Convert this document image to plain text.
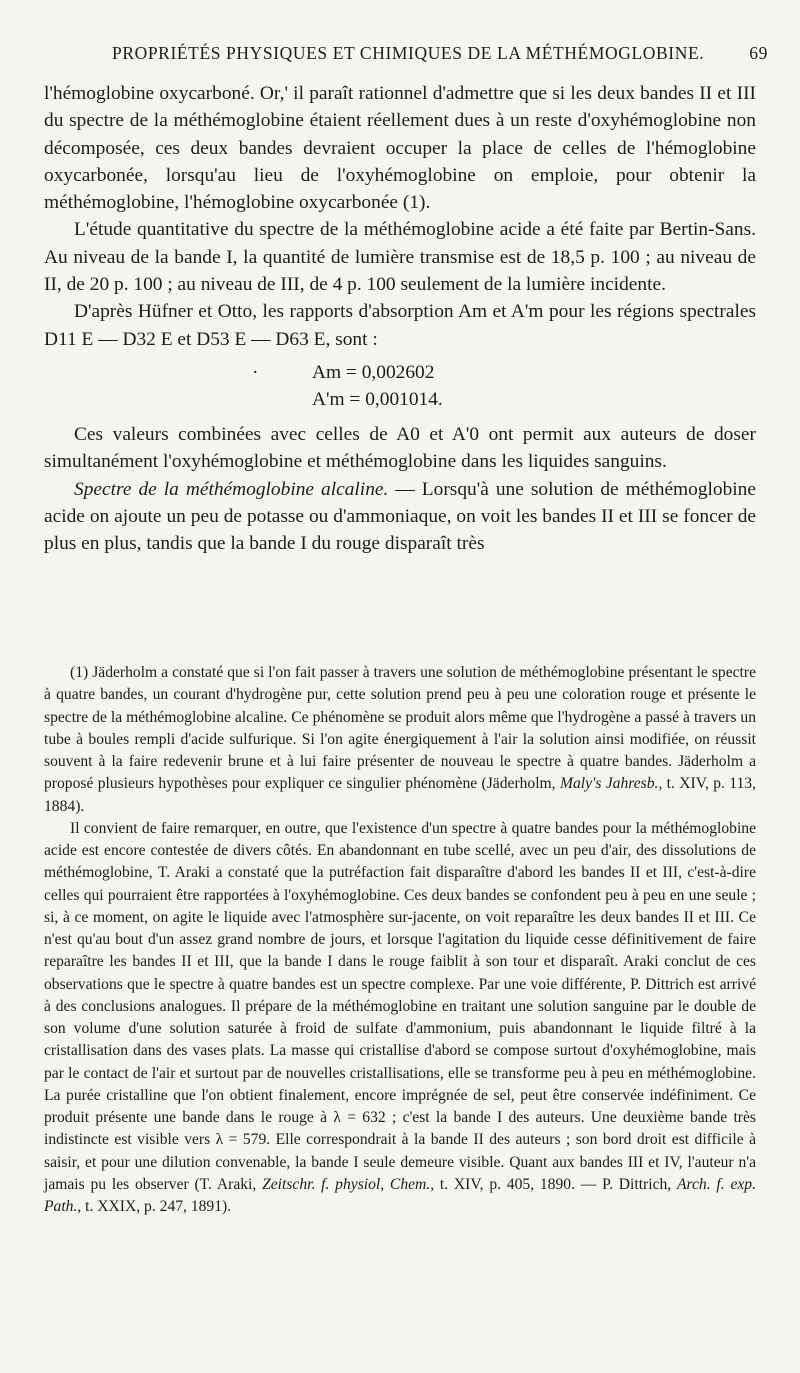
PROPRIÉTÉS PHYSIQUES ET CHIMIQUES DE LA MÉTHÉMOGLOBINE.	69

l'hémoglobine oxycarboné. Or,' il paraît rationnel d'admettre que si les deux bandes II et III du spectre de la méthémoglobine étaient réellement dues à un reste d'oxyhémoglobine non décomposée, ces deux bandes devraient occuper la place de celles de l'hémoglobine oxycarbonée, lorsqu'au lieu de l'oxyhémoglobine on emploie, pour obtenir la méthémoglobine, l'hémoglobine oxycarbonée (1).

L'étude quantitative du spectre de la méthémoglobine acide a été faite par Bertin-Sans. Au niveau de la bande I, la quantité de lumière transmise est de 18,5 p. 100 ; au niveau de II, de 20 p. 100 ; au niveau de III, de 4 p. 100 seulement de la lumière incidente.

D'après Hüfner et Otto, les rapports d'absorption Am et A'm pour les régions spectrales D11 E — D32 E et D53 E — D63 E, sont :

·	Am = 0,002602

A'm = 0,001014.

Ces valeurs combinées avec celles de A0 et A'0 ont permit aux auteurs de doser simultanément l'oxyhémoglobine et méthémoglobine dans les liquides sanguins.

Spectre de la méthémoglobine alcaline. — Lorsqu'à une solution de méthémoglobine acide on ajoute un peu de potasse ou d'ammoniaque, on voit les bandes II et III se foncer de plus en plus, tandis que la bande I du rouge disparaît très

(1) Jäderholm a constaté que si l'on fait passer à travers une solution de méthémoglobine présentant le spectre à quatre bandes, un courant d'hydrogène pur, cette solution prend peu à peu une coloration rouge et présente le spectre de la méthémoglobine alcaline. Ce phénomène se produit alors même que l'hydrogène a passé à travers un tube à boules rempli d'acide sulfurique. Si l'on agite énergiquement à l'air la solution ainsi modifiée, on réussit souvent à la faire redevenir brune et à lui faire présenter de nouveau le spectre à quatre bandes. Jäderholm a proposé plusieurs hypothèses pour expliquer ce singulier phénomène (Jäderholm, Maly's Jahresb., t. XIV, p. 113, 1884).

Il convient de faire remarquer, en outre, que l'existence d'un spectre à quatre bandes pour la méthémoglobine acide est encore contestée de divers côtés. En abandonnant en tube scellé, avec un peu d'air, des dissolutions de méthémoglobine, T. Araki a constaté que la putréfaction fait disparaître d'abord les bandes II et III, c'est-à-dire celles qui pourraient être rapportées à l'oxyhémoglobine. Ces deux bandes se confondent peu à peu en une seule ; si, à ce moment, on agite le liquide avec l'atmosphère sur-jacente, on voit reparaître les deux bandes II et III. Ce n'est qu'au bout d'un assez grand nombre de jours, et lorsque l'agitation du liquide cesse définitivement de faire reparaître les bandes II et III, que la bande I dans le rouge faiblit à son tour et disparaît. Araki conclut de ces observations que le spectre à quatre bandes est un spectre complexe. Par une voie différente, P. Dittrich est arrivé à des conclusions analogues. Il prépare de la méthémoglobine en traitant une solution sanguine par le double de son volume d'une solution saturée à froid de sulfate d'ammonium, puis abandonnant le liquide filtré à la cristallisation dans des vases plats. La masse qui cristallise d'abord se compose surtout d'oxyhémoglobine, mais par le contact de l'air et surtout par de nouvelles cristallisations, elle se transforme peu à peu en méthémoglobine. La purée cristalline que l'on obtient finalement, encore imprégnée de sel, peut être conservée indéfiniment. Ce produit présente une bande dans le rouge à λ = 632 ; c'est la bande I des auteurs. Une deuxième bande très indistincte est visible vers λ = 579. Elle correspondrait à la bande II des auteurs ; son bord droit est difficile à saisir, et pour une dilution convenable, la bande I seule demeure visible. Quant aux bandes III et IV, l'auteur n'a jamais pu les observer (T. Araki, Zeitschr. f. physiol, Chem., t. XIV, p. 405, 1890. — P. Dittrich, Arch. f. exp. Path., t. XXIX, p. 247, 1891).
